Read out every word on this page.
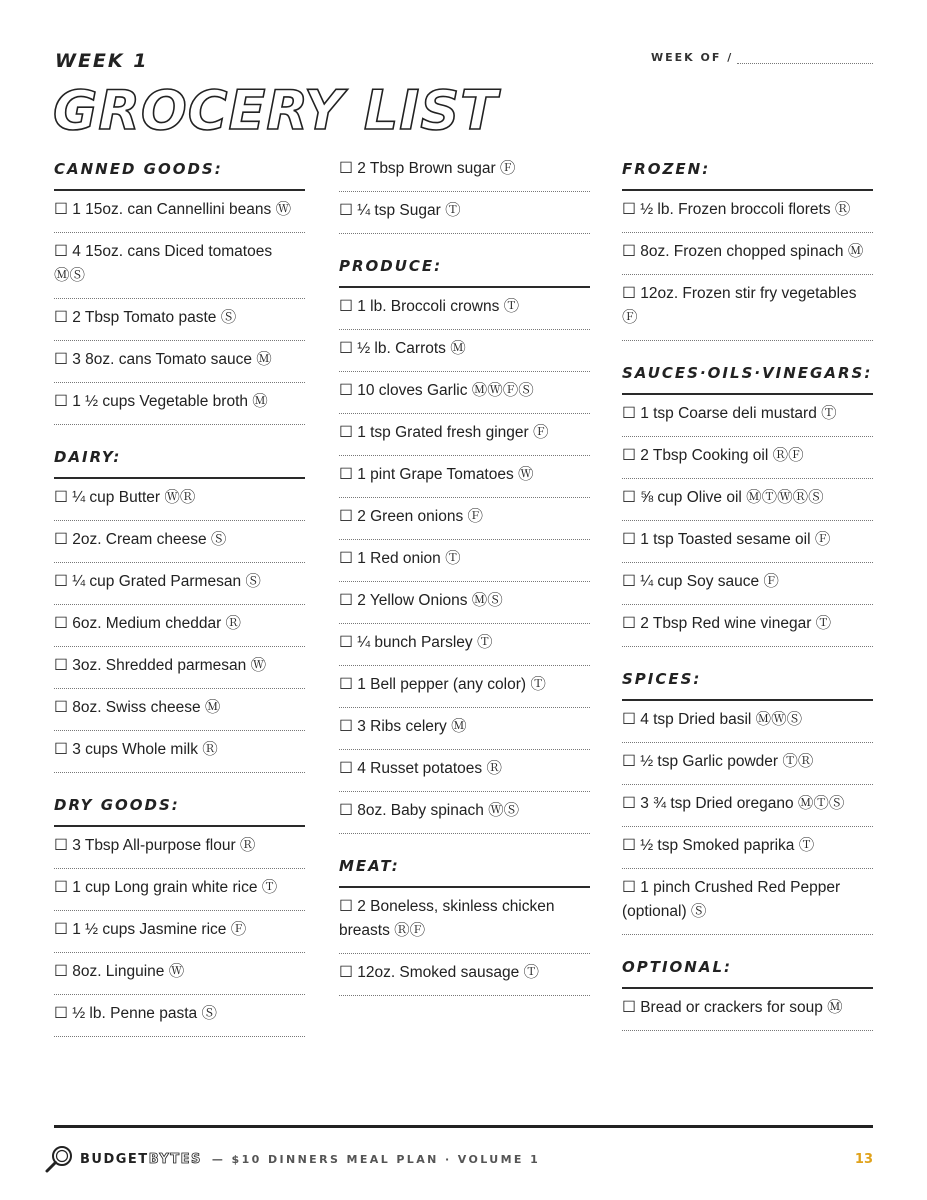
WEEK 1	WEEK OF /
GROCERY LIST
CANNED GOODS:
☐ 1 15oz. can Cannellini beans Ⓦ
☐ 4 15oz. cans Diced tomatoes ⓂⓈ
☐ 2 Tbsp Tomato paste Ⓢ
☐ 3 8oz. cans Tomato sauce Ⓜ
☐ 1 ½ cups Vegetable broth Ⓜ
DAIRY:
☐ ¼ cup Butter ⓌⓇ
☐ 2oz. Cream cheese Ⓢ
☐ ¼ cup Grated Parmesan Ⓢ
☐ 6oz. Medium cheddar Ⓡ
☐ 3oz. Shredded parmesan Ⓦ
☐ 8oz. Swiss cheese Ⓜ
☐ 3 cups Whole milk Ⓡ
DRY GOODS:
☐ 3 Tbsp All-purpose flour Ⓡ
☐ 1 cup Long grain white rice Ⓣ
☐ 1 ½ cups Jasmine rice Ⓕ
☐ 8oz. Linguine Ⓦ
☐ ½ lb. Penne pasta Ⓢ
☐ 2 Tbsp Brown sugar Ⓕ
☐ ¼ tsp Sugar Ⓣ
PRODUCE:
☐ 1 lb. Broccoli crowns Ⓣ
☐ ½ lb. Carrots Ⓜ
☐ 10 cloves Garlic ⓂⓌⒻⓈ
☐ 1 tsp Grated fresh ginger Ⓕ
☐ 1 pint Grape Tomatoes Ⓦ
☐ 2 Green onions Ⓕ
☐ 1 Red onion Ⓣ
☐ 2 Yellow Onions ⓂⓈ
☐ ¼ bunch Parsley Ⓣ
☐ 1 Bell pepper (any color) Ⓣ
☐ 3 Ribs celery Ⓜ
☐ 4 Russet potatoes Ⓡ
☐ 8oz. Baby spinach ⓌⓈ
MEAT:
☐ 2 Boneless, skinless chicken breasts ⓇⒻ
☐ 12oz. Smoked sausage Ⓣ
FROZEN:
☐ ½ lb. Frozen broccoli florets Ⓡ
☐ 8oz. Frozen chopped spinach Ⓜ
☐ 12oz. Frozen stir fry vegetables Ⓕ
SAUCES·OILS·VINEGARS:
☐ 1 tsp Coarse deli mustard Ⓣ
☐ 2 Tbsp Cooking oil ⓇⒻ
☐ ⅝ cup Olive oil ⓂⓉⓌⓇⓈ
☐ 1 tsp Toasted sesame oil Ⓕ
☐ ¼ cup Soy sauce Ⓕ
☐ 2 Tbsp Red wine vinegar Ⓣ
SPICES:
☐ 4 tsp Dried basil ⓂⓌⓈ
☐ ½ tsp Garlic powder ⓉⓇ
☐ 3 ¾ tsp Dried oregano ⓂⓉⓈ
☐ ½ tsp Smoked paprika Ⓣ
☐ 1 pinch Crushed Red Pepper (optional) Ⓢ
OPTIONAL:
☐ Bread or crackers for soup Ⓜ
BUDGET BYTES — $10 DINNERS MEAL PLAN · VOLUME 1	13
